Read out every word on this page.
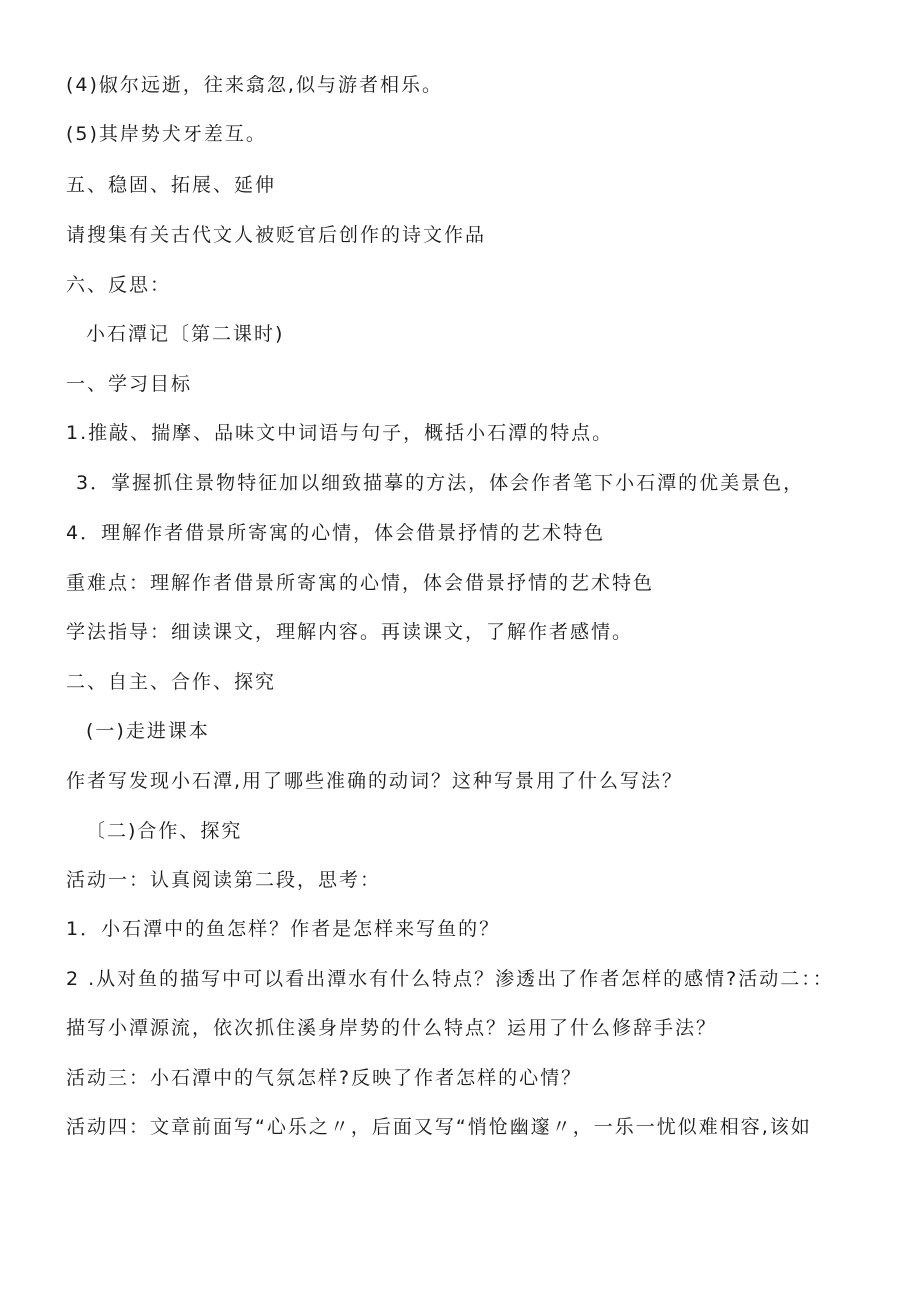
(4)俶尔远逝，往来翕忽,似与游者相乐。
(5)其岸势犬牙差互。
五、稳固、拓展、延伸
请搜集有关古代文人被贬官后创作的诗文作品
六、反思：
小石潭记〔第二课时)
一、学习目标
1.推敲、揣摩、品味文中词语与句子，概括小石潭的特点。
3．掌握抓住景物特征加以细致描摹的方法，体会作者笔下小石潭的优美景色，
4．理解作者借景所寄寓的心情，体会借景抒情的艺术特色
重难点：理解作者借景所寄寓的心情，体会借景抒情的艺术特色
学法指导：细读课文，理解内容。再读课文，了解作者感情。
二、自主、合作、探究
(一)走进课本
作者写发现小石潭,用了哪些准确的动词？这种写景用了什么写法？
〔二)合作、探究
活动一：认真阅读第二段，思考：
1．小石潭中的鱼怎样？作者是怎样来写鱼的？
2 .从对鱼的描写中可以看出潭水有什么特点？渗透出了作者怎样的感情?活动二：：
描写小潭源流，依次抓住溪身岸势的什么特点？运用了什么修辞手法？
活动三：小石潭中的气氛怎样?反映了作者怎样的心情？
活动四：文章前面写“心乐之〃，后面又写“悄怆幽邃〃，一乐一忧似难相容,该如
